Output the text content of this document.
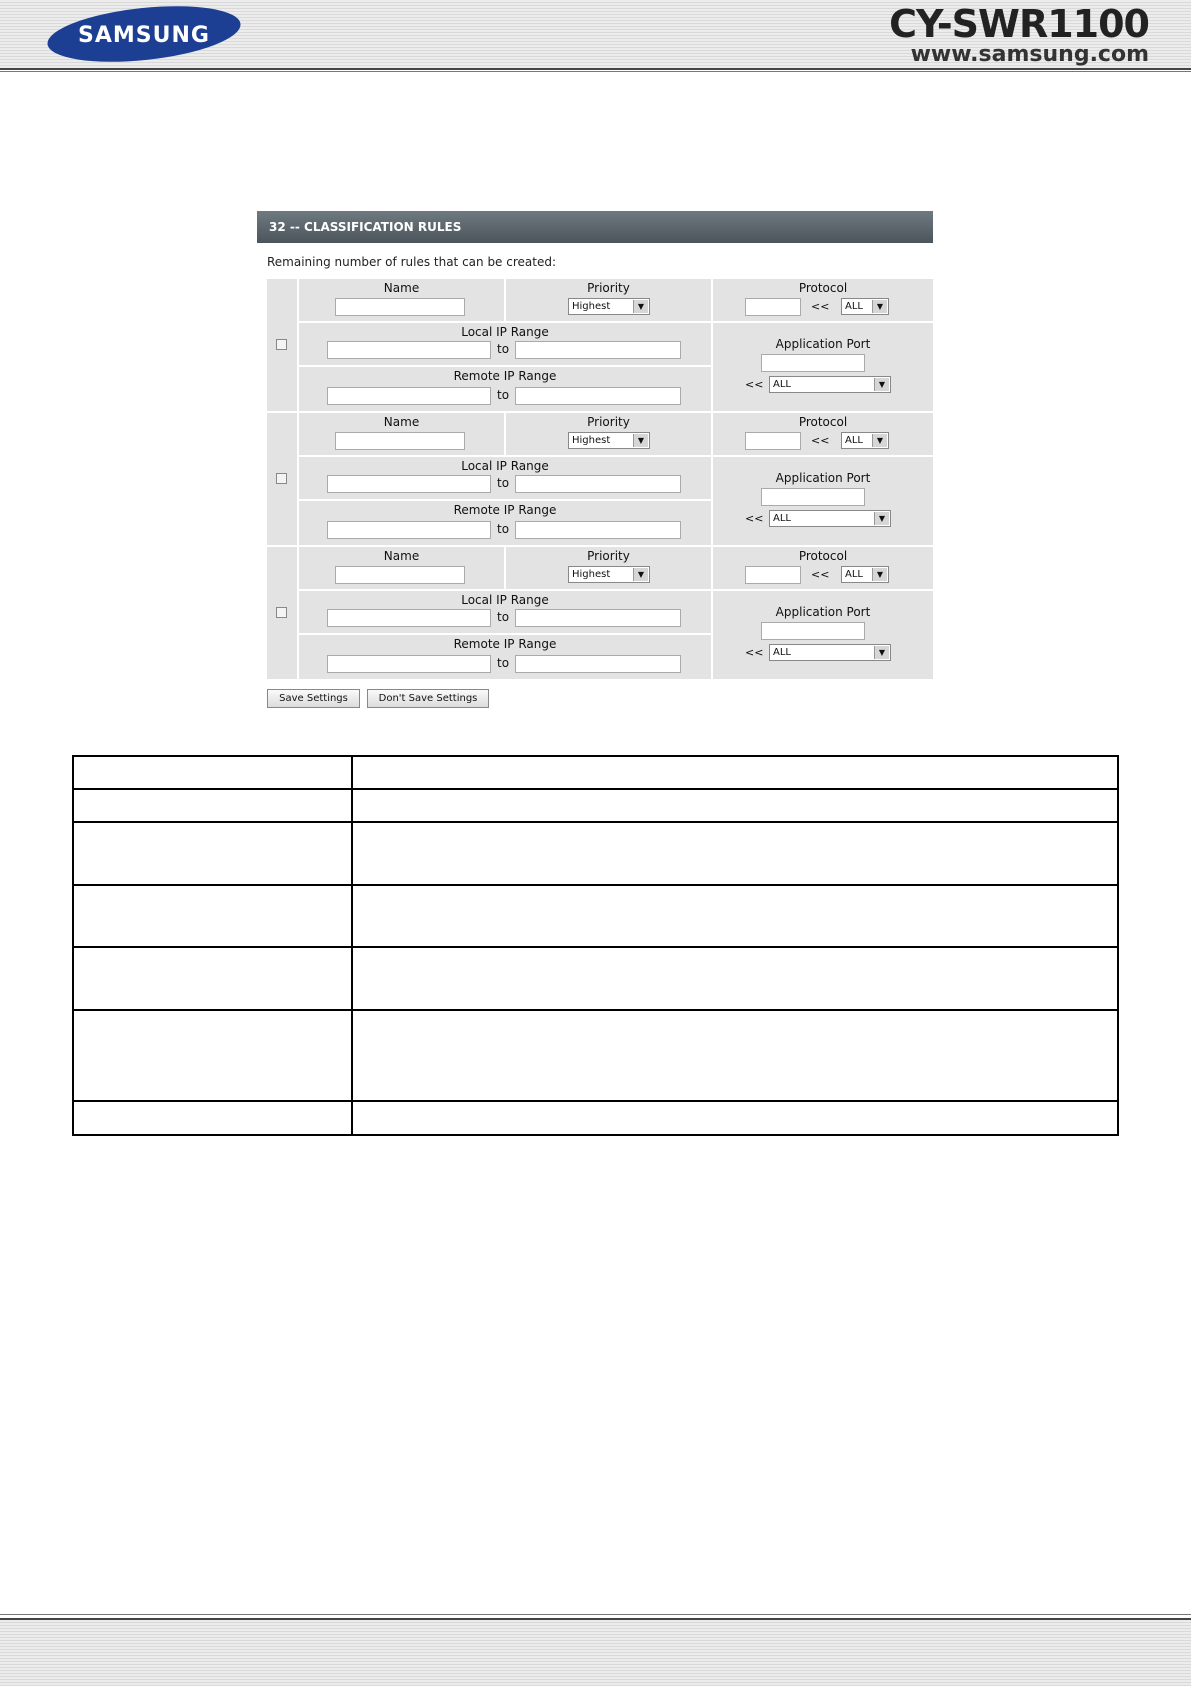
SAMSUNG	CY-SWR1100
www.samsung.com
32 -- CLASSIFICATION RULES
Remaining number of rules that can be created:
Name	Priority
Highest	▼
Protocol
<<	ALL	▼
Local IP Range
to
Remote IP Range
to
Application Port
<< ALL	▼
Name	Priority
Highest	▼
Protocol
<<	ALL	▼
Local IP Range
to
Remote IP Range
to
Application Port
<< ALL	▼
Name	Priority
Highest	▼
Protocol
<<	ALL	▼
Local IP Range
to
Remote IP Range
to
Application Port
<< ALL	▼
Save Settings	Don't Save Settings
